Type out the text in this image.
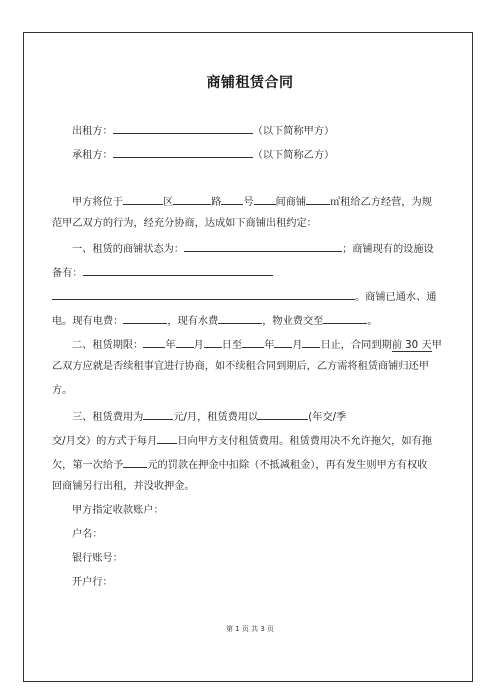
商铺租赁合同
出租方：	（以下简称甲方）
承租方：	（以下简称乙方）
甲方将位于	区	路 号 间商铺 ㎡租给乙方经营，为规
范甲乙双方的行为，经充分协商，达成如下商铺出租约定：
一、租赁的商铺状态为：	；商铺现有的设施设
备有：
。商铺已通水、通
电。现有电费：	，现有水费	，物业费交至	。
二、租赁期限： 年 月 日至 年 月 日止，合同到期前 30 天甲
乙双方应就是否续租事宜进行协商，如不续租合同到期后，乙方需将租赁商铺归还甲
方。
三、租赁费用为	元/月，租赁费用以	(年交/季
交/月交）的方式于每月 日向甲方支付租赁费用。租赁费用决不允许拖欠，如有拖
欠，第一次给予 元的罚款在押金中扣除（不抵减租金），再有发生则甲方有权收
回商铺另行出租，并没收押金。
甲方指定收款账户：
户名：
银行账号：
开户行：
第 1 页 共 3 页
